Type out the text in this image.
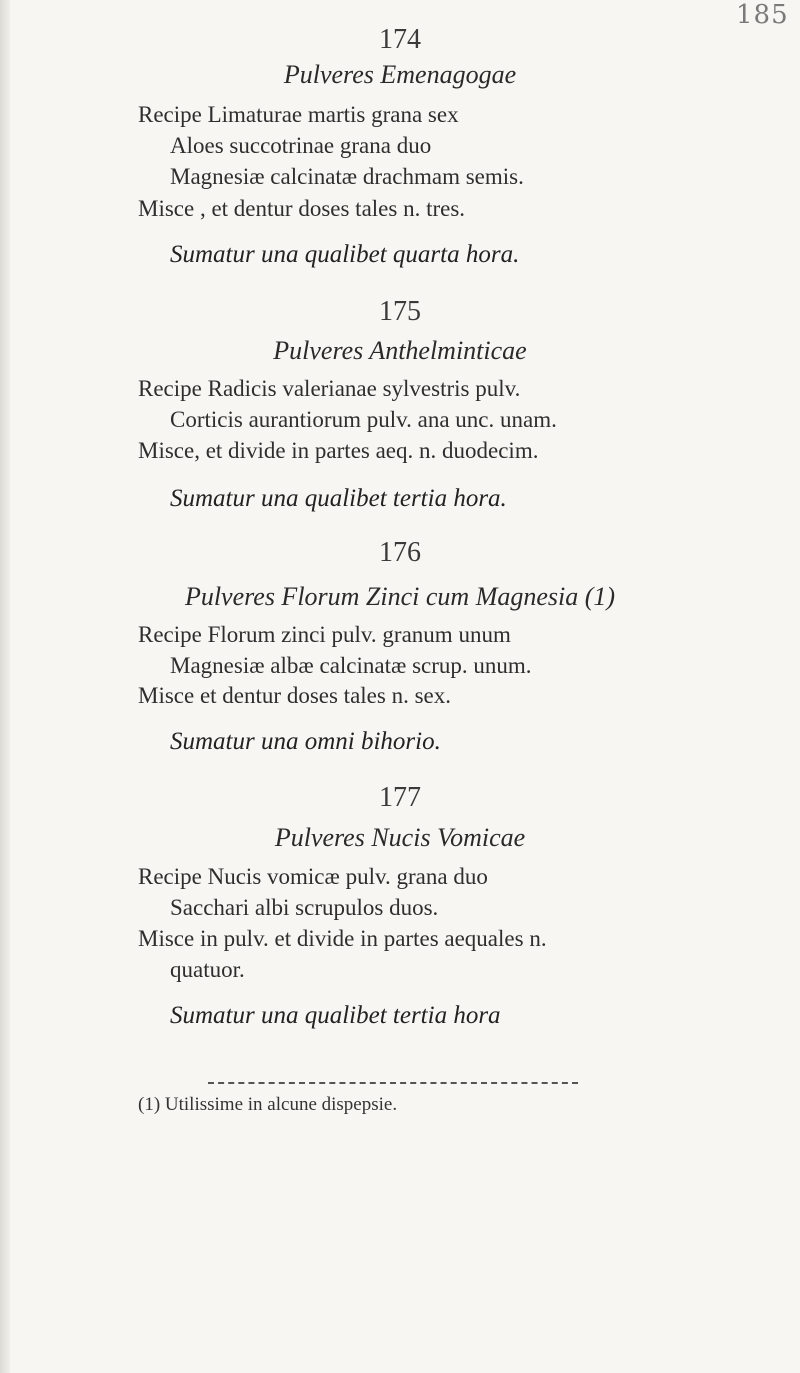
185
174
Pulveres Emenagogae
Recipe Limaturae martis grana sex
Aloes succotrinae grana duo
Magnesiæ calcinatæ drachmam semis.
Misce , et dentur doses tales n. tres.
Sumatur una qualibet quarta hora.
175
Pulveres Anthelminticae
Recipe Radicis valerianae sylvestris pulv.
Corticis aurantiorum pulv. ana unc. unam.
Misce, et divide in partes aeq. n. duodecim.
Sumatur una qualibet tertia hora.
176
Pulveres Florum Zinci cum Magnesia (1)
Recipe Florum zinci pulv. granum unum
Magnesiæ albæ calcinatæ scrup. unum.
Misce et dentur doses tales n. sex.
Sumatur una omni bihorio.
177
Pulveres Nucis Vomicae
Recipe Nucis vomicæ pulv. grana duo
Sacchari albi scrupulos duos.
Misce in pulv. et divide in partes aequales n.
quatuor.
Sumatur una qualibet tertia hora
(1) Utilissime in alcune dispepsie.
